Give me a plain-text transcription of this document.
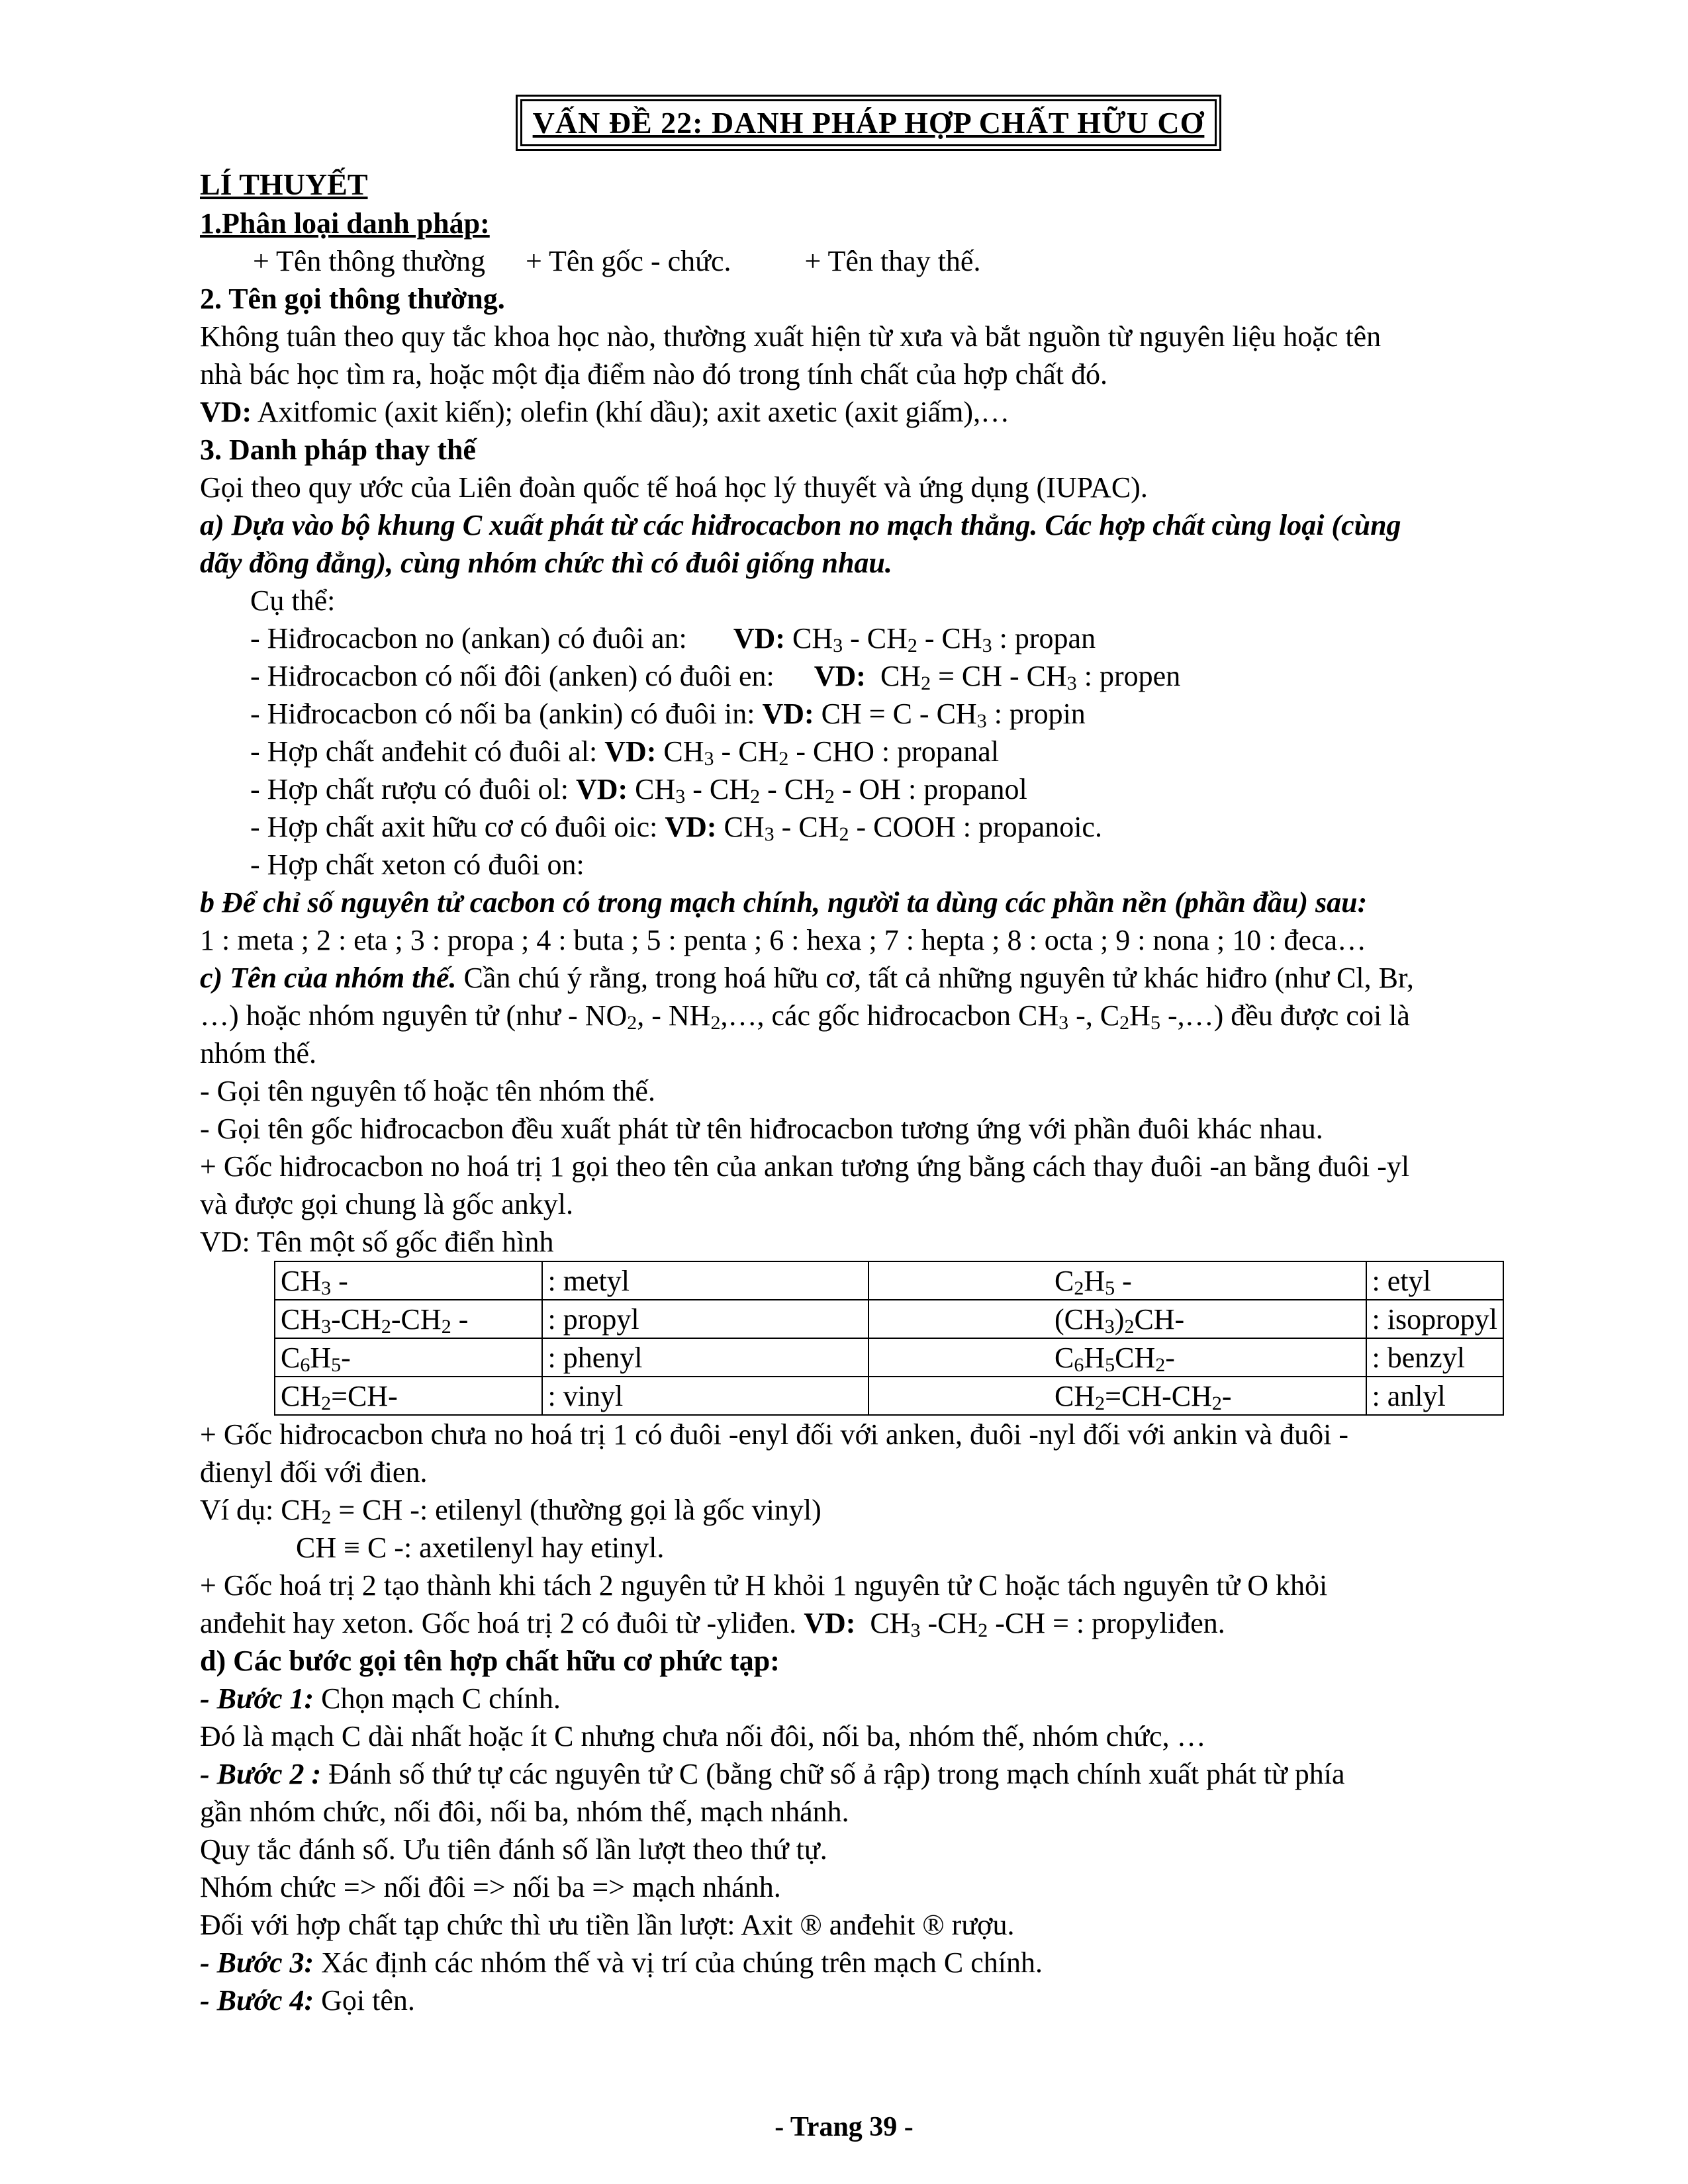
VẤN ĐỀ 22: DANH PHÁP HỢP CHẤT HỮU CƠ
LÍ THUYẾT
1.Phân loại danh pháp:
+ Tên thông thường + Tên gốc - chức.	+ Tên thay thế.
2. Tên gọi thông thường.
Không tuân theo quy tắc khoa học nào, thường xuất hiện từ xưa và bắt nguồn từ nguyên liệu hoặc tên
nhà bác học tìm ra, hoặc một địa điểm nào đó trong tính chất của hợp chất đó.
VD: Axitfomic (axit kiến); olefin (khí dầu); axit axetic (axit giấm),…
3. Danh pháp thay thế
Gọi theo quy ước của Liên đoàn quốc tế hoá học lý thuyết và ứng dụng (IUPAC).
a) Dựa vào bộ khung C xuất phát từ các hiđrocacbon no mạch thẳng. Các hợp chất cùng loại (cùng
dãy đồng đẳng), cùng nhóm chức thì có đuôi giống nhau.
Cụ thể:
- Hiđrocacbon no (ankan) có đuôi an: VD: $CH_3 - CH_2 - CH_3$ : propan
- Hiđrocacbon có nối đôi (anken) có đuôi en: VD:  $CH_2$ = CH - $CH_3$ : propen
- Hiđrocacbon có nối ba (ankin) có đuôi in: VD: CH = C - $CH_3$ : propin
- Hợp chất anđehit có đuôi al: VD: $CH_3 - CH_2$ - CHO : propanal
- Hợp chất rượu có đuôi ol: VD: $CH_3 - CH_2 - CH_2$ - OH : propanol
- Hợp chất axit hữu cơ có đuôi oic: VD: $CH_3 - CH_2$ - COOH : propanoic.
- Hợp chất xeton có đuôi on:
b Để chỉ số nguyên tử cacbon có trong mạch chính, người ta dùng các phần nền (phần đầu) sau:
1 : meta ; 2 : eta ; 3 : propa ; 4 : buta ; 5 : penta ; 6 : hexa ; 7 : hepta ; 8 : octa ; 9 : nona ; 10 : đeca…
c) Tên của nhóm thế. Cần chú ý rằng, trong hoá hữu cơ, tất cả những nguyên tử khác hiđro (như Cl, Br,
…) hoặc nhóm nguyên tử (như - $NO_2$, - $NH_2,\dots$, các gốc hiđrocacbon $CH_3$ -, $C_2H_5$ -,…) đều được coi là
nhóm thế.
- Gọi tên nguyên tố hoặc tên nhóm thế.
- Gọi tên gốc hiđrocacbon đều xuất phát từ tên hiđrocacbon tương ứng với phần đuôi khác nhau.
+ Gốc hiđrocacbon no hoá trị 1 gọi theo tên của ankan tương ứng bằng cách thay đuôi -an bằng đuôi -yl
và được gọi chung là gốc ankyl.
VD: Tên một số gốc điển hình
$CH_3$ -	: metyl	$C_2H_5$ -	: etyl
$CH_3-CH_2-CH_2$ -	: propyl	$(CH_3)_2CH-$	: isopropyl
$C_6H_5-$	: phenyl	$C_6H_5CH_2-$	: benzyl
$CH_2=CH-$	: vinyl	$CH_2=CH-CH_2-$	: anlyl
+ Gốc hiđrocacbon chưa no hoá trị 1 có đuôi -enyl đối với anken, đuôi -nyl đối với ankin và đuôi -
đienyl đối với đien.
Ví dụ: $CH_2$ = CH -: etilenyl (thường gọi là gốc vinyl)
CH ≡ C -: axetilenyl hay etinyl.
+ Gốc hoá trị 2 tạo thành khi tách 2 nguyên tử H khỏi 1 nguyên tử C hoặc tách nguyên tử O khỏi
anđehit hay xeton. Gốc hoá trị 2 có đuôi từ -yliđen. VD:  $CH_3$ $-CH_2$ -CH = : propyliđen.
d) Các bước gọi tên hợp chất hữu cơ phức tạp:
- Bước 1: Chọn mạch C chính.
Đó là mạch C dài nhất hoặc ít C nhưng chưa nối đôi, nối ba, nhóm thế, nhóm chức, …
- Bước 2 : Đánh số thứ tự các nguyên tử C (bằng chữ số ả rập) trong mạch chính xuất phát từ phía
gần nhóm chức, nối đôi, nối ba, nhóm thế, mạch nhánh.
Quy tắc đánh số. Ưu tiên đánh số lần lượt theo thứ tự.
Nhóm chức => nối đôi => nối ba => mạch nhánh.
Đối với hợp chất tạp chức thì ưu tiền lần lượt: Axit ® anđehit ® rượu.
- Bước 3: Xác định các nhóm thế và vị trí của chúng trên mạch C chính.
- Bước 4: Gọi tên.
- Trang 39 -
